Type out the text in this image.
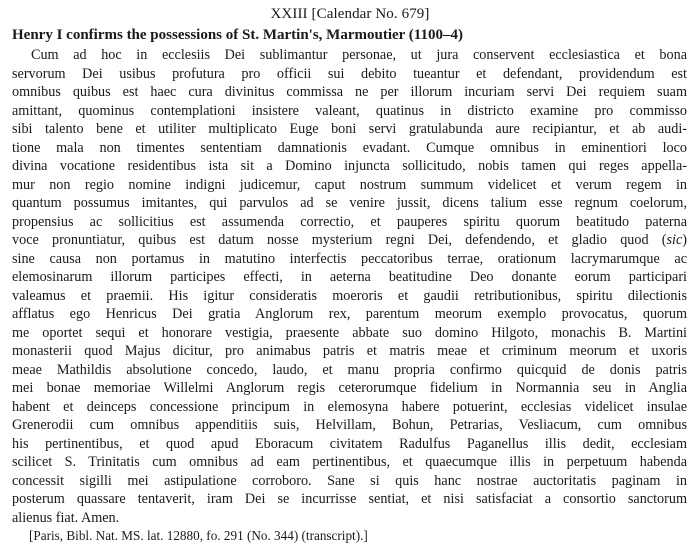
XXIII [Calendar No. 679]
Henry I confirms the possessions of St. Martin's, Marmoutier (1100–4)
Cum ad hoc in ecclesiis Dei sublimantur personae, ut jura conservent ecclesiastica et bona
servorum Dei usibus profutura pro officii sui debito tueantur et defendant, providendum est
omnibus quibus est haec cura divinitus commissa ne per illorum incuriam servi Dei requiem suam
amittant, quominus contemplationi insistere valeant, quatinus in districto examine pro commisso
sibi talento bene et utiliter multiplicato Euge boni servi gratulabunda aure recipiantur, et ab audi-
tione mala non timentes sententiam damnationis evadant. Cumque omnibus in eminentiori loco
divina vocatione residentibus ista sit a Domino injuncta sollicitudo, nobis tamen qui reges appella-
mur non regio nomine indigni judicemur, caput nostrum summum videlicet et verum regem in
quantum possumus imitantes, qui parvulos ad se venire jussit, dicens talium esse regnum coelorum,
propensius ac sollicitius est assumenda correctio, et pauperes spiritu quorum beatitudo paterna
voce pronuntiatur, quibus est datum nosse mysterium regni Dei, defendendo, et gladio quod (sic)
sine causa non portamus in matutino interfectis peccatoribus terrae, orationum lacrymarumque ac
elemosinarum illorum participes effecti, in aeterna beatitudine Deo donante eorum participari
valeamus et praemii. His igitur consideratis moeroris et gaudii retributionibus, spiritu dilectionis
afflatus ego Henricus Dei gratia Anglorum rex, parentum meorum exemplo provocatus, quorum
me oportet sequi et honorare vestigia, praesente abbate suo domino Hilgoto, monachis B. Martini
monasterii quod Majus dicitur, pro animabus patris et matris meae et criminum meorum et uxoris
meae Mathildis absolutione concedo, laudo, et manu propria confirmo quicquid de donis patris
mei bonae memoriae Willelmi Anglorum regis ceterorumque fidelium in Normannia seu in Anglia
habent et deinceps concessione principum in elemosyna habere potuerint, ecclesias videlicet insulae
Grenerodii cum omnibus appenditiis suis, Helvillam, Bohun, Petrarias, Vesliacum, cum omnibus
his pertinentibus, et quod apud Eboracum civitatem Radulfus Paganellus illis dedit, ecclesiam
scilicet S. Trinitatis cum omnibus ad eam pertinentibus, et quaecumque illis in perpetuum habenda
concessit sigilli mei astipulatione corroboro. Sane si quis hanc nostrae auctoritatis paginam in
posterum quassare tentaverit, iram Dei se incurrisse sentiat, et nisi satisfaciat a consortio sanctorum
alienus fiat. Amen.
[Paris, Bibl. Nat. MS. lat. 12880, fo. 291 (No. 344) (transcript).]
